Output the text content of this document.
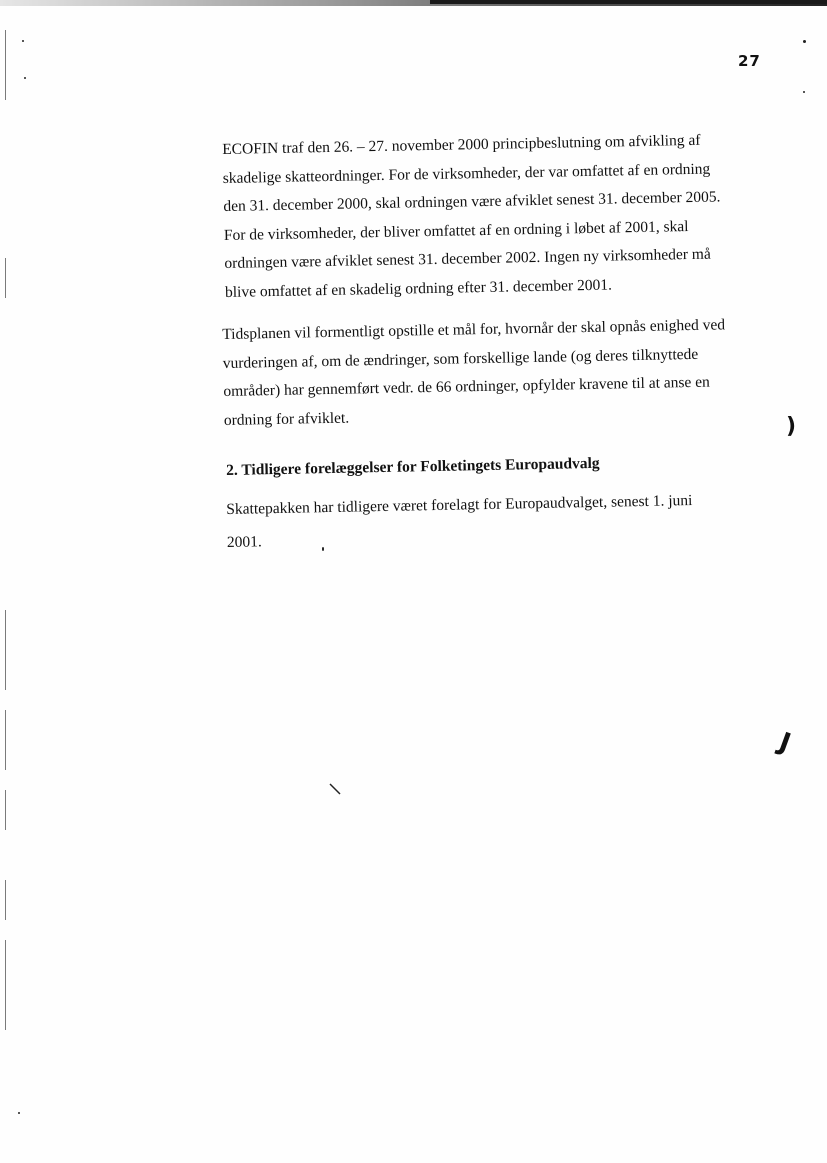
27
ECOFIN traf den 26. – 27. november 2000 principbeslutning om afvikling af
skadelige skatteordninger. For de virksomheder, der var omfattet af en ordning
den 31. december 2000, skal ordningen være afviklet senest 31. december 2005.
For de virksomheder, der bliver omfattet af en ordning i løbet af 2001, skal
ordningen være afviklet senest 31. december 2002. Ingen ny virksomheder må
blive omfattet af en skadelig ordning efter 31. december 2001.
Tidsplanen vil formentligt opstille et mål for, hvornår der skal opnås enighed ved
vurderingen af, om de ændringer, som forskellige lande (og deres tilknyttede
områder) har gennemført vedr. de 66 ordninger, opfylder kravene til at anse en
ordning for afviklet.
2. Tidligere forelæggelser for Folketingets Europaudvalg
Skattepakken har tidligere været forelagt for Europaudvalget, senest 1. juni
2001.
)
J
